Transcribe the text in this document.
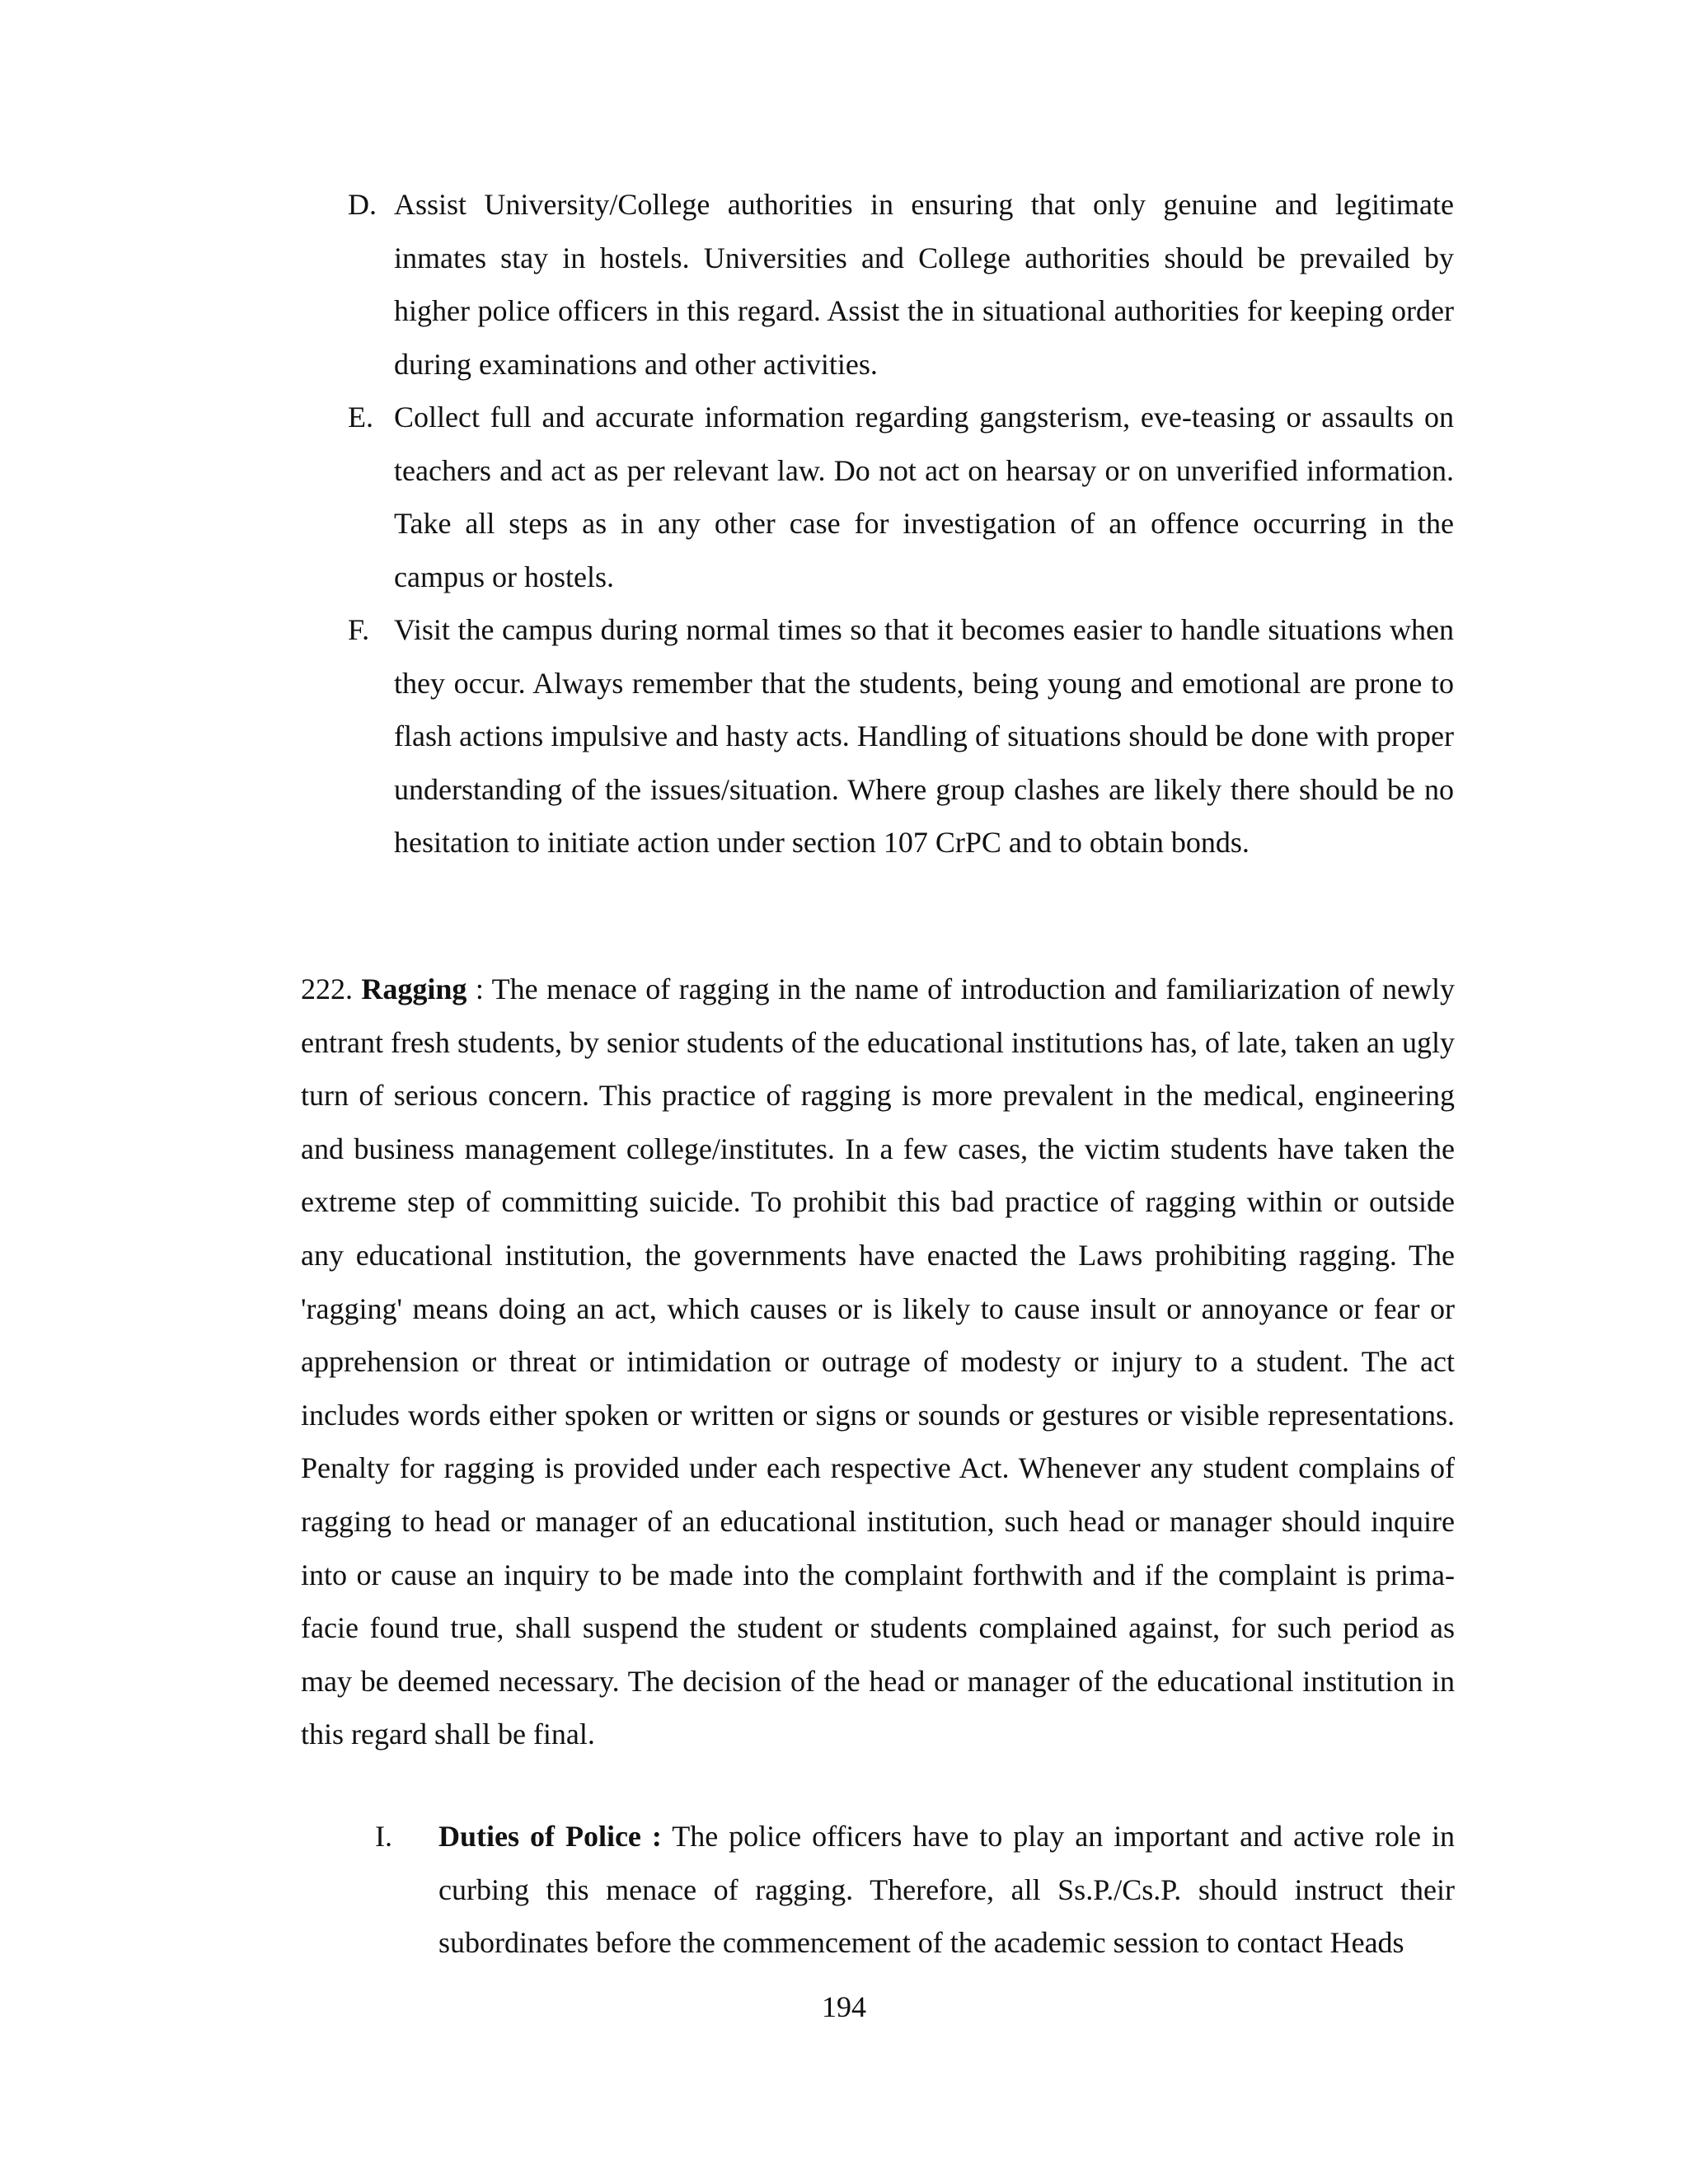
D. Assist University/College authorities in ensuring that only genuine and legitimate inmates stay in hostels. Universities and College authorities should be prevailed by higher police officers in this regard. Assist the in situational authorities for keeping order during examinations and other activities.
E. Collect full and accurate information regarding gangsterism, eve-teasing or assaults on teachers and act as per relevant law. Do not act on hearsay or on unverified information. Take all steps as in any other case for investigation of an offence occurring in the campus or hostels.
F. Visit the campus during normal times so that it becomes easier to handle situations when they occur. Always remember that the students, being young and emotional are prone to flash actions impulsive and hasty acts. Handling of situations should be done with proper understanding of the issues/situation. Where group clashes are likely there should be no hesitation to initiate action under section 107 CrPC and to obtain bonds.
222. Ragging : The menace of ragging in the name of introduction and familiarization of newly entrant fresh students, by senior students of the educational institutions has, of late, taken an ugly turn of serious concern. This practice of ragging is more prevalent in the medical, engineering and business management college/institutes. In a few cases, the victim students have taken the extreme step of committing suicide. To prohibit this bad practice of ragging within or outside any educational institution, the governments have enacted the Laws prohibiting ragging. The 'ragging' means doing an act, which causes or is likely to cause insult or annoyance or fear or apprehension or threat or intimidation or outrage of modesty or injury to a student. The act includes words either spoken or written or signs or sounds or gestures or visible representations. Penalty for ragging is provided under each respective Act. Whenever any student complains of ragging to head or manager of an educational institution, such head or manager should inquire into or cause an inquiry to be made into the complaint forthwith and if the complaint is prima- facie found true, shall suspend the student or students complained against, for such period as may be deemed necessary. The decision of the head or manager of the educational institution in this regard shall be final.
I. Duties of Police : The police officers have to play an important and active role in curbing this menace of ragging. Therefore, all Ss.P./Cs.P. should instruct their subordinates before the commencement of the academic session to contact Heads
194
